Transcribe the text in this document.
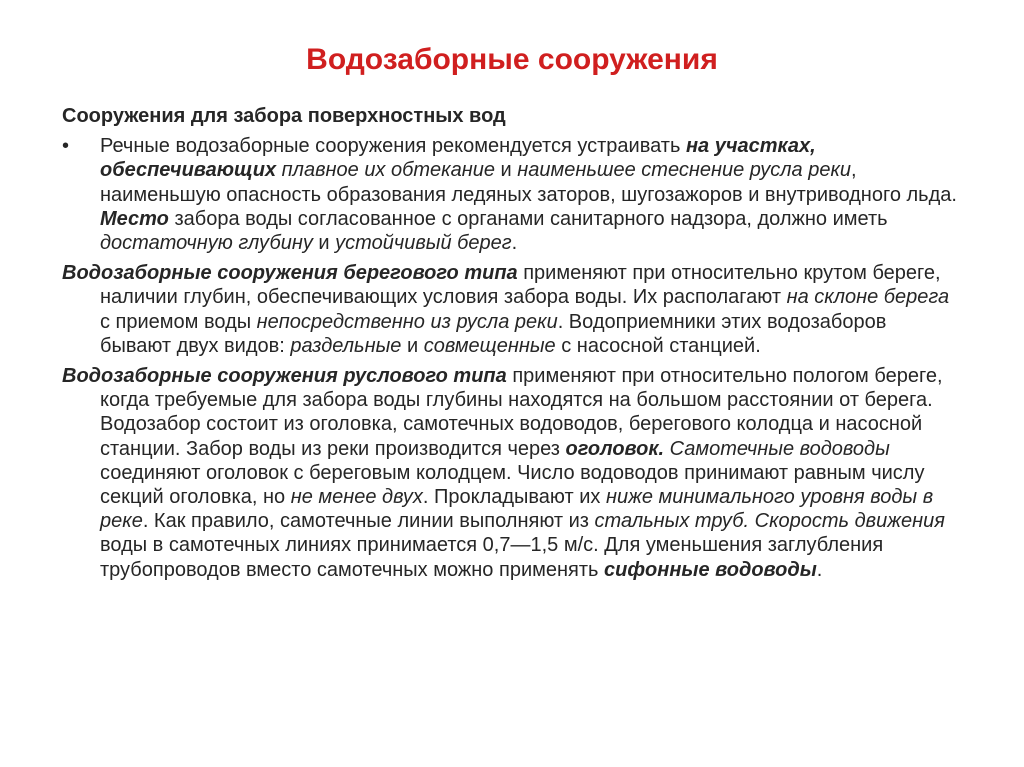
Водозаборные сооружения
Сооружения для забора поверхностных вод
• Речные водозаборные сооружения рекомендуется устраивать на участках, обеспечивающих плавное их обтекание и наименьшее стеснение русла реки, наименьшую опасность образования ледяных заторов, шугозажоров и внутриводного льда. Место забора воды согласованное с органами санитарного надзора, должно иметь достаточную глубину и устойчивый берег.
Водозаборные сооружения берегового типа применяют при относительно крутом береге, наличии глубин, обеспечивающих условия забора воды. Их располагают на склоне берега с приемом воды непосредственно из русла реки. Водоприемники этих водозаборов бывают двух видов: раздельные и совмещенные с насосной станцией.
Водозаборные сооружения руслового типа применяют при относительно пологом береге, когда требуемые для забора воды глубины находятся на большом расстоянии от берега. Водозабор состоит из оголовка, самотечных водоводов, берегового колодца и насосной станции. Забор воды из реки производится через оголовок. Самотечные водоводы соединяют оголовок с береговым колодцем. Число водоводов принимают равным числу секций оголовка, но не менее двух. Прокладывают их ниже минимального уровня воды в реке. Как правило, самотечные линии выполняют из стальных труб. Скорость движения воды в самотечных линиях принимается 0,7—1,5 м/с. Для уменьшения заглубления трубопроводов вместо самотечных можно применять сифонные водоводы.
